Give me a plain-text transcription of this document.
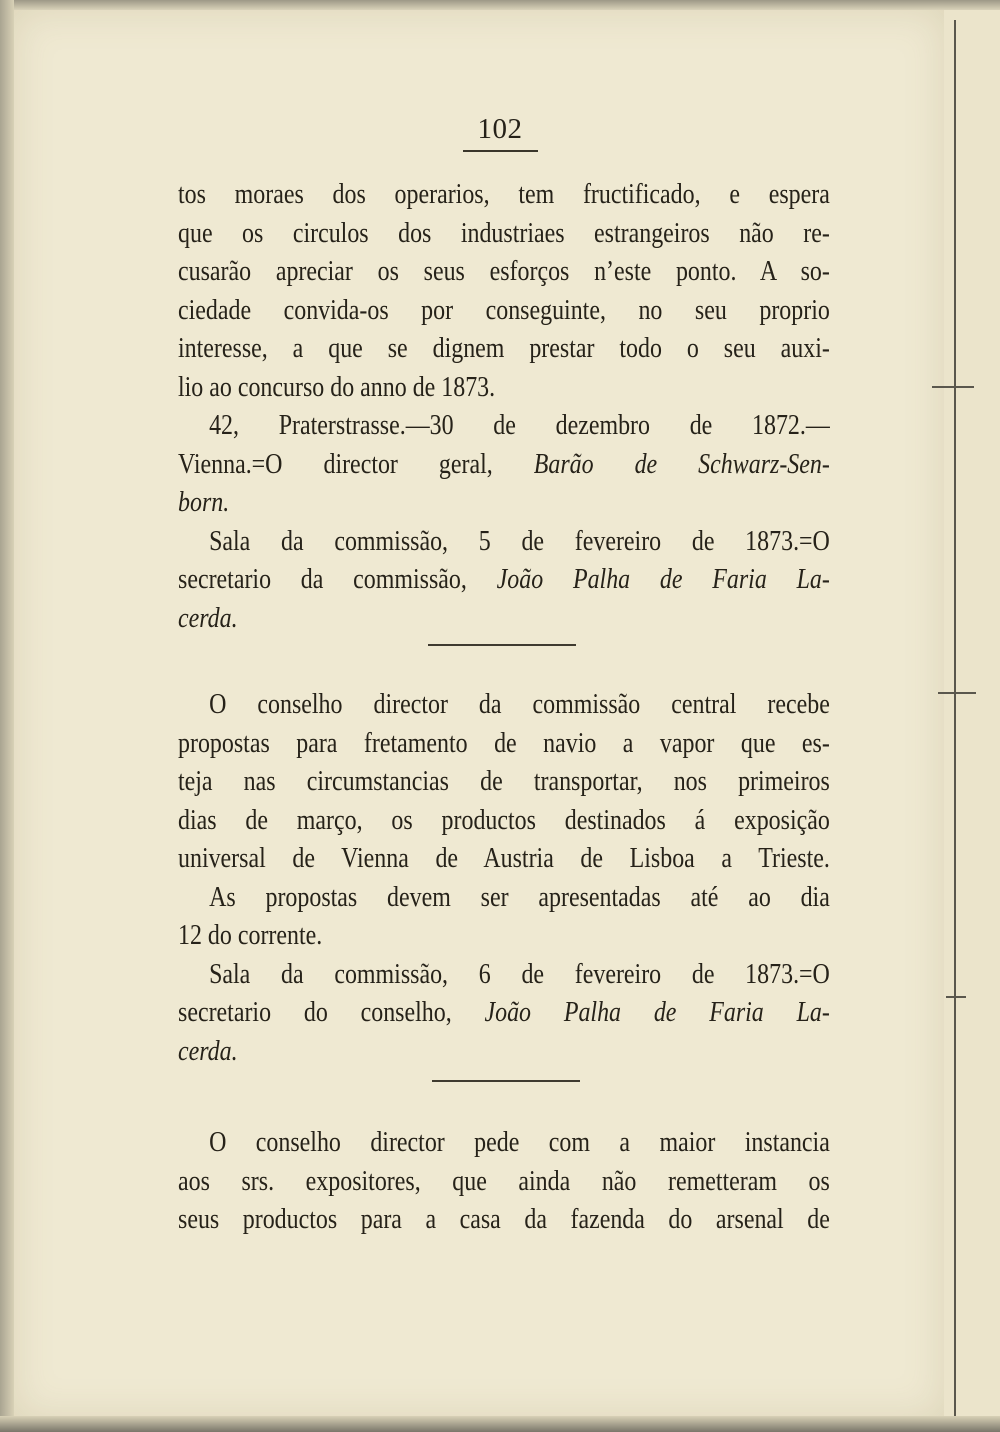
102
tos moraes dos operarios, tem fructificado, e espera
que os circulos dos industriaes estrangeiros não re-
cusarão apreciar os seus esforços n’este ponto. A so-
ciedade convida-os por conseguinte, no seu proprio
interesse, a que se dignem prestar todo o seu auxi-
lio ao concurso do anno de 1873.
42, Praterstrasse.—30 de dezembro de 1872.—
Vienna.=O director geral, Barão de Schwarz-Sen-
born.
Sala da commissão, 5 de fevereiro de 1873.=O
secretario da commissão, João Palha de Faria La-
cerda.
O conselho director da commissão central recebe
propostas para fretamento de navio a vapor que es-
teja nas circumstancias de transportar, nos primeiros
dias de março, os productos destinados á exposição
universal de Vienna de Austria de Lisboa a Trieste.
As propostas devem ser apresentadas até ao dia
12 do corrente.
Sala da commissão, 6 de fevereiro de 1873.=O
secretario do conselho, João Palha de Faria La-
cerda.
O conselho director pede com a maior instancia
aos srs. expositores, que ainda não remetteram os
seus productos para a casa da fazenda do arsenal de
